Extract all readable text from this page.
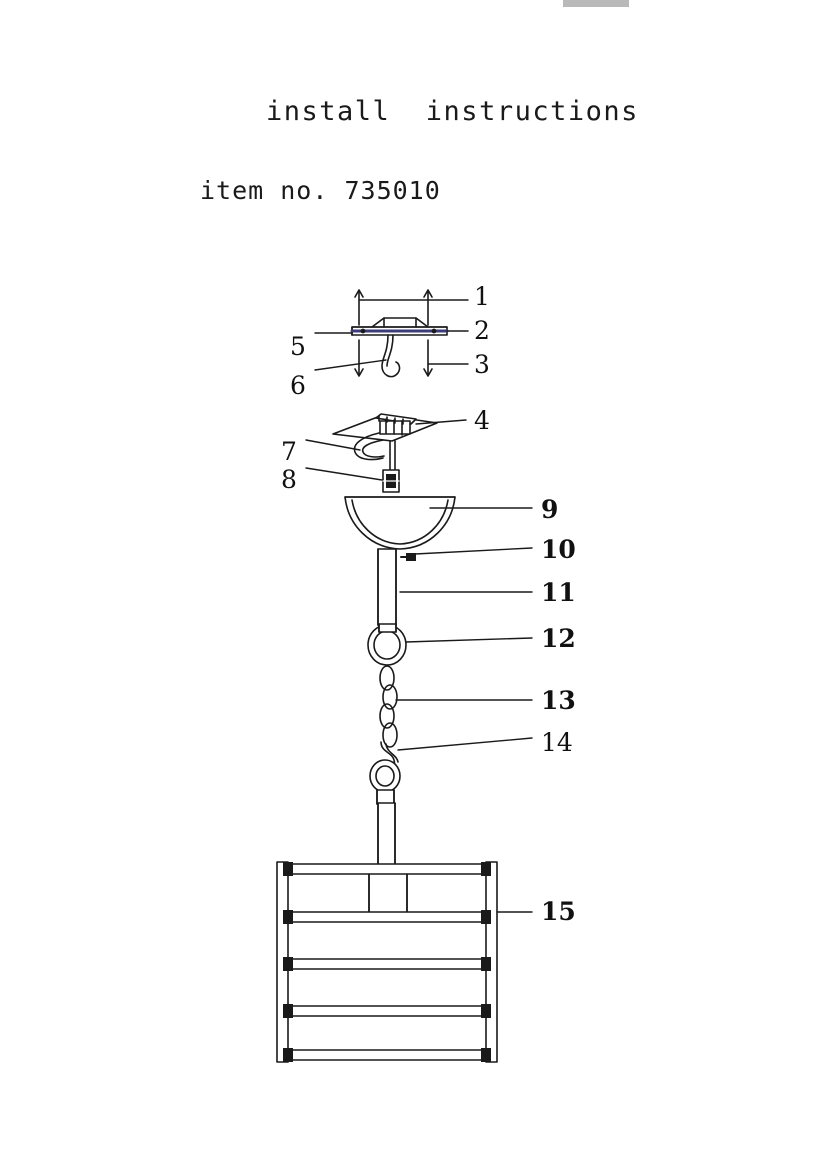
install  instructions
item no. 735010
1
2
3
4
5
6
7
8
9
10
11
12
13
14
15
